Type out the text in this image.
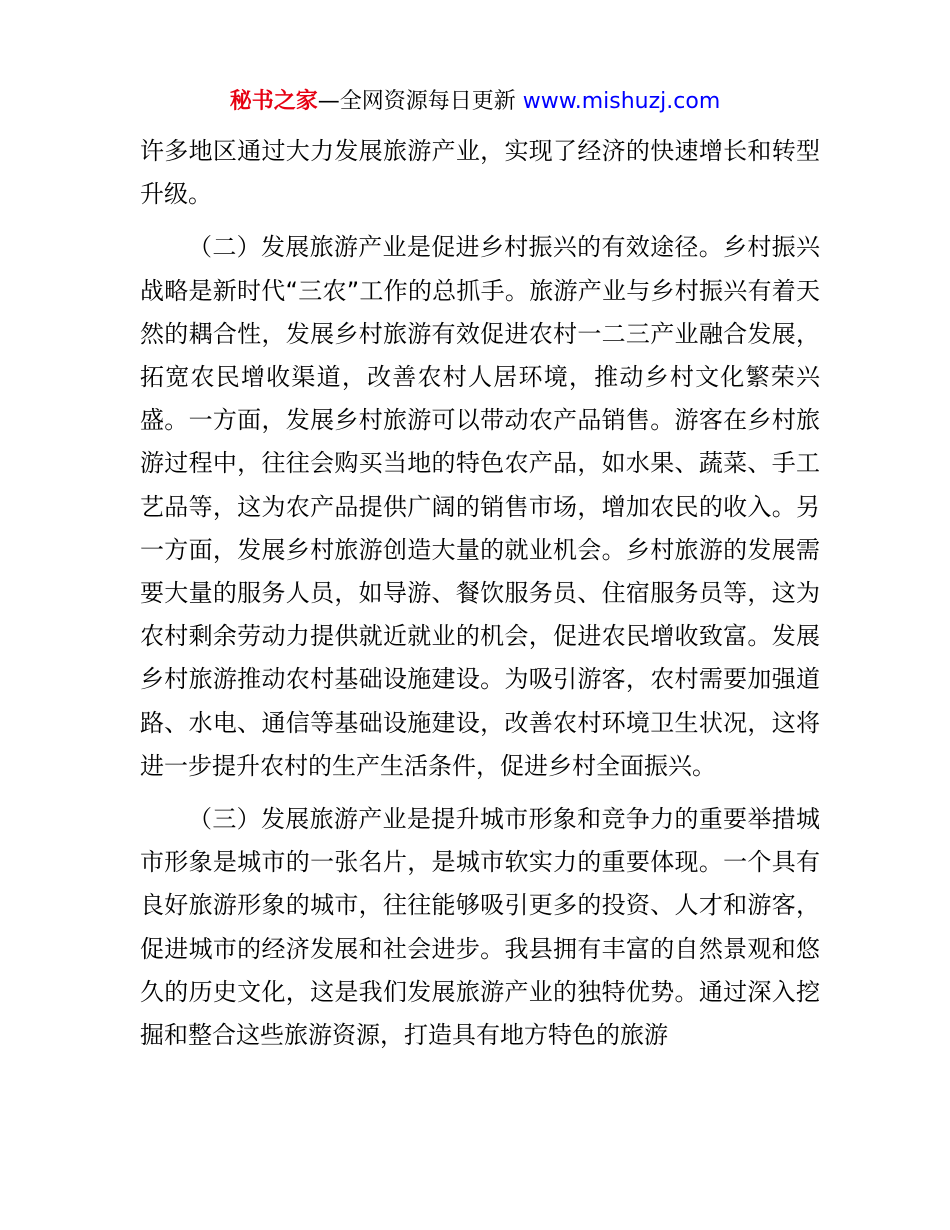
秘书之家—全网资源每日更新 www.mishuzj.com

许多地区通过大力发展旅游产业，实现了经济的快速增长和转型升级。

（二）发展旅游产业是促进乡村振兴的有效途径。乡村振兴战略是新时代“三农”工作的总抓手。旅游产业与乡村振兴有着天然的耦合性，发展乡村旅游有效促进农村一二三产业融合发展，拓宽农民增收渠道，改善农村人居环境，推动乡村文化繁荣兴盛。一方面，发展乡村旅游可以带动农产品销售。游客在乡村旅游过程中，往往会购买当地的特色农产品，如水果、蔬菜、手工艺品等，这为农产品提供广阔的销售市场，增加农民的收入。另一方面，发展乡村旅游创造大量的就业机会。乡村旅游的发展需要大量的服务人员，如导游、餐饮服务员、住宿服务员等，这为农村剩余劳动力提供就近就业的机会，促进农民增收致富。发展乡村旅游推动农村基础设施建设。为吸引游客，农村需要加强道路、水电、通信等基础设施建设，改善农村环境卫生状况，这将进一步提升农村的生产生活条件，促进乡村全面振兴。

（三）发展旅游产业是提升城市形象和竞争力的重要举措城市形象是城市的一张名片，是城市软实力的重要体现。一个具有良好旅游形象的城市，往往能够吸引更多的投资、人才和游客，促进城市的经济发展和社会进步。我县拥有丰富的自然景观和悠久的历史文化，这是我们发展旅游产业的独特优势。通过深入挖掘和整合这些旅游资源，打造具有地方特色的旅游
